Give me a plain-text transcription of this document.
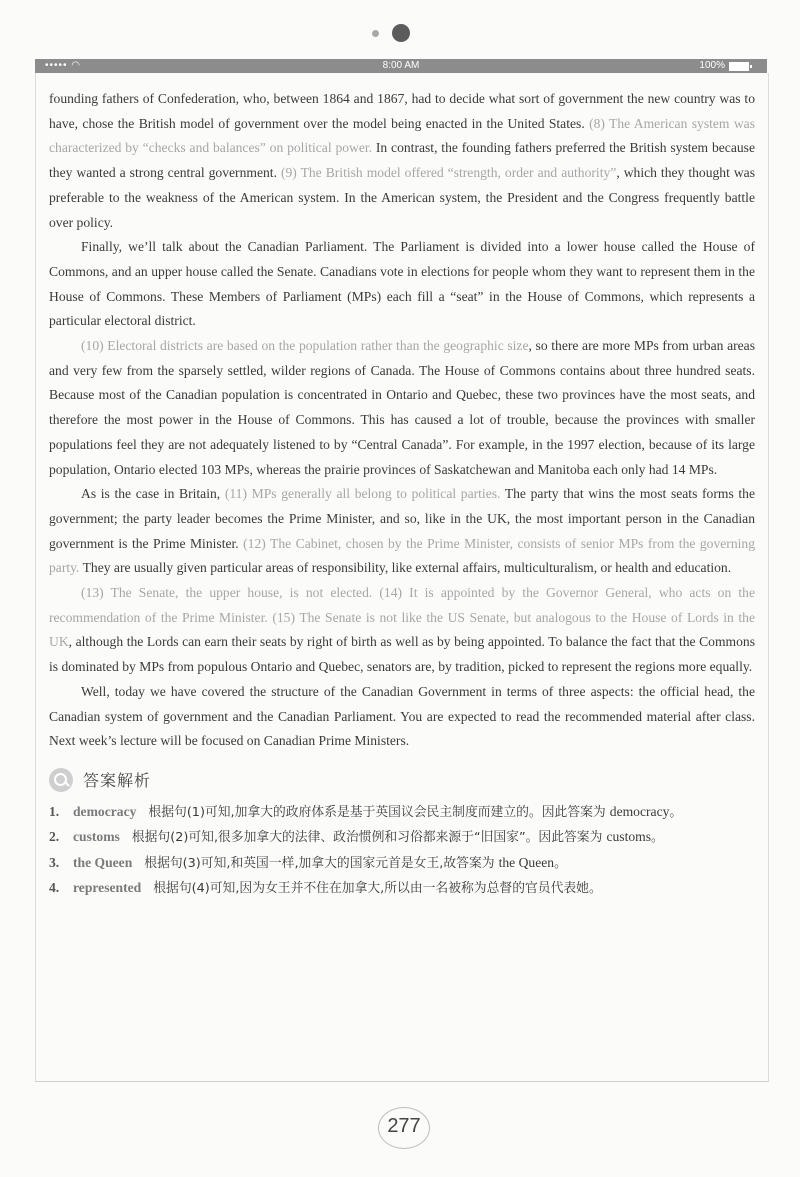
••••• ◠	8:00 AM	100%

founding fathers of Confederation, who, between 1864 and 1867, had to decide what sort of government the new country was to have, chose the British model of government over the model being enacted in the United States. (8) The American system was characterized by “checks and balances” on political power. In contrast, the founding fathers preferred the British system because they wanted a strong central government. (9) The British model offered “strength, order and authority”, which they thought was preferable to the weakness of the American system. In the American system, the President and the Congress frequently battle over policy.

Finally, we’ll talk about the Canadian Parliament. The Parliament is divided into a lower house called the House of Commons, and an upper house called the Senate. Canadians vote in elections for people whom they want to represent them in the House of Commons. These Members of Parliament (MPs) each fill a “seat” in the House of Commons, which represents a particular electoral district.

(10) Electoral districts are based on the population rather than the geographic size, so there are more MPs from urban areas and very few from the sparsely settled, wilder regions of Canada. The House of Commons contains about three hundred seats. Because most of the Canadian population is concentrated in Ontario and Quebec, these two provinces have the most seats, and therefore the most power in the House of Commons. This has caused a lot of trouble, because the provinces with smaller populations feel they are not adequately listened to by “Central Canada”. For example, in the 1997 election, because of its large population, Ontario elected 103 MPs, whereas the prairie provinces of Saskatchewan and Manitoba each only had 14 MPs.

As is the case in Britain, (11) MPs generally all belong to political parties. The party that wins the most seats forms the government; the party leader becomes the Prime Minister, and so, like in the UK, the most important person in the Canadian government is the Prime Minister. (12) The Cabinet, chosen by the Prime Minister, consists of senior MPs from the governing party. They are usually given particular areas of responsibility, like external affairs, multiculturalism, or health and education.

(13) The Senate, the upper house, is not elected. (14) It is appointed by the Governor General, who acts on the recommendation of the Prime Minister. (15) The Senate is not like the US Senate, but analogous to the House of Lords in the UK, although the Lords can earn their seats by right of birth as well as by being appointed. To balance the fact that the Commons is dominated by MPs from populous Ontario and Quebec, senators are, by tradition, picked to represent the regions more equally.

Well, today we have covered the structure of the Canadian Government in terms of three aspects: the official head, the Canadian system of government and the Canadian Parliament. You are expected to read the recommended material after class. Next week’s lecture will be focused on Canadian Prime Ministers.

答案解析
1.	democracy 根据句(1)可知,加拿大的政府体系是基于英国议会民主制度而建立的。因此答案为 democracy。
2.	customs 根据句(2)可知,很多加拿大的法律、政治惯例和习俗都来源于“旧国家”。因此答案为 customs。
3.	the Queen 根据句(3)可知,和英国一样,加拿大的国家元首是女王,故答案为 the Queen。
4.	represented 根据句(4)可知,因为女王并不住在加拿大,所以由一名被称为总督的官员代表她。
277
